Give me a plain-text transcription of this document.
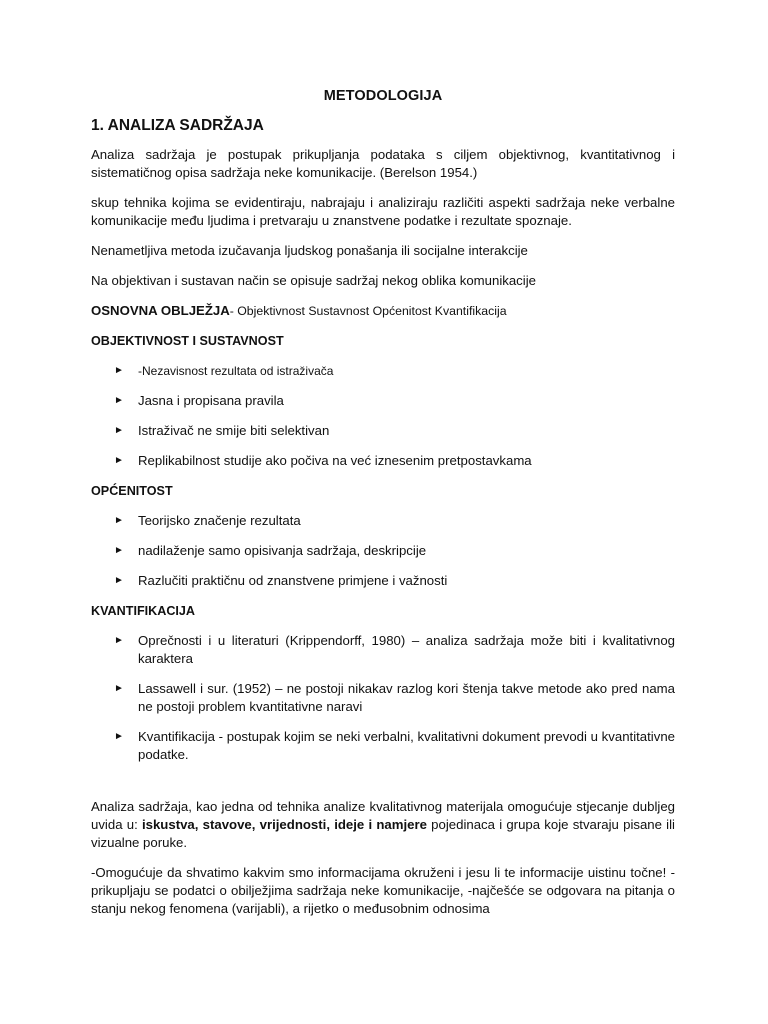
METODOLOGIJA
1. ANALIZA SADRŽAJA

Analiza sadržaja je postupak prikupljanja podataka s ciljem objektivnog, kvantitativnog i sistematičnog opisa sadržaja neke komunikacije. (Berelson 1954.)

skup tehnika kojima se evidentiraju, nabrajaju i analiziraju različiti aspekti sadržaja neke verbalne komunikacije među ljudima i pretvaraju u znanstvene podatke i rezultate spoznaje.

Nenametljiva metoda izučavanja ljudskog ponašanja ili socijalne interakcije

Na objektivan i sustavan način se opisuje sadržaj nekog oblika komunikacije

OSNOVNA OBLJEŽJA- Objektivnost Sustavnost Općenitost Kvantifikacija
OBJEKTIVNOST I SUSTAVNOST
► -Nezavisnost rezultata od istraživača
► Jasna i propisana pravila
► Istraživač ne smije biti selektivan
► Replikabilnost studije ako počiva na već iznesenim pretpostavkama
OPĆENITOST
► Teorijsko značenje rezultata
► nadilaženje samo opisivanja sadržaja, deskripcije
► Razlučiti praktičnu od znanstvene primjene i važnosti
KVANTIFIKACIJA
► Oprečnosti i u literaturi (Krippendorff, 1980) – analiza sadržaja može biti i kvalitativnog karaktera
► Lassawell i sur. (1952) – ne postoji nikakav razlog kori štenja takve metode ako pred nama ne postoji problem kvantitativne naravi
► Kvantifikacija - postupak kojim se neki verbalni, kvalitativni dokument prevodi u kvantitativne podatke.

Analiza sadržaja, kao jedna od tehnika analize kvalitativnog materijala omogućuje stjecanje dubljeg uvida u: iskustva, stavove, vrijednosti, ideje i namjere pojedinaca i grupa koje stvaraju pisane ili vizualne poruke.

-Omogućuje da shvatimo kakvim smo informacijama okruženi i jesu li te informacije uistinu točne! -prikupljaju se podatci o obilježjima sadržaja neke komunikacije, -najčešće se odgovara na pitanja o stanju nekog fenomena (varijabli), a rijetko o međusobnim odnosima
